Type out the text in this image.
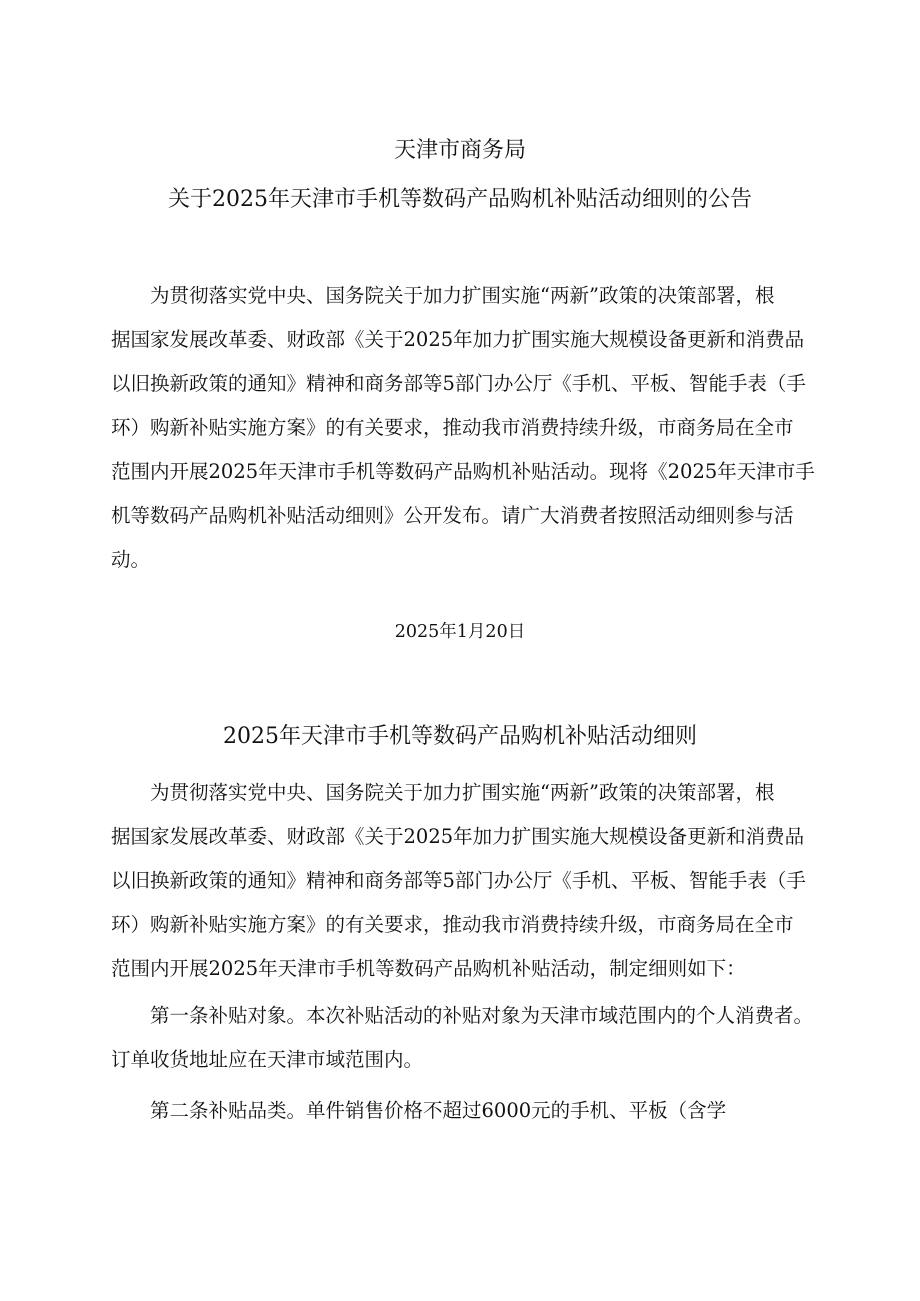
天津市商务局
关于2025年天津市手机等数码产品购机补贴活动细则的公告
为贯彻落实党中央、国务院关于加力扩围实施“两新”政策的决策部署，根
据国家发展改革委、财政部《关于2025年加力扩围实施大规模设备更新和消费品
以旧换新政策的通知》精神和商务部等5部门办公厅《手机、平板、智能手表（手
环）购新补贴实施方案》的有关要求，推动我市消费持续升级，市商务局在全市
范围内开展2025年天津市手机等数码产品购机补贴活动。现将《2025年天津市手
机等数码产品购机补贴活动细则》公开发布。请广大消费者按照活动细则参与活
动。
2025年1月20日
2025年天津市手机等数码产品购机补贴活动细则
为贯彻落实党中央、国务院关于加力扩围实施“两新”政策的决策部署，根
据国家发展改革委、财政部《关于2025年加力扩围实施大规模设备更新和消费品
以旧换新政策的通知》精神和商务部等5部门办公厅《手机、平板、智能手表（手
环）购新补贴实施方案》的有关要求，推动我市消费持续升级，市商务局在全市
范围内开展2025年天津市手机等数码产品购机补贴活动，制定细则如下：
第一条补贴对象。本次补贴活动的补贴对象为天津市域范围内的个人消费者。
订单收货地址应在天津市域范围内。
第二条补贴品类。单件销售价格不超过6000元的手机、平板（含学
